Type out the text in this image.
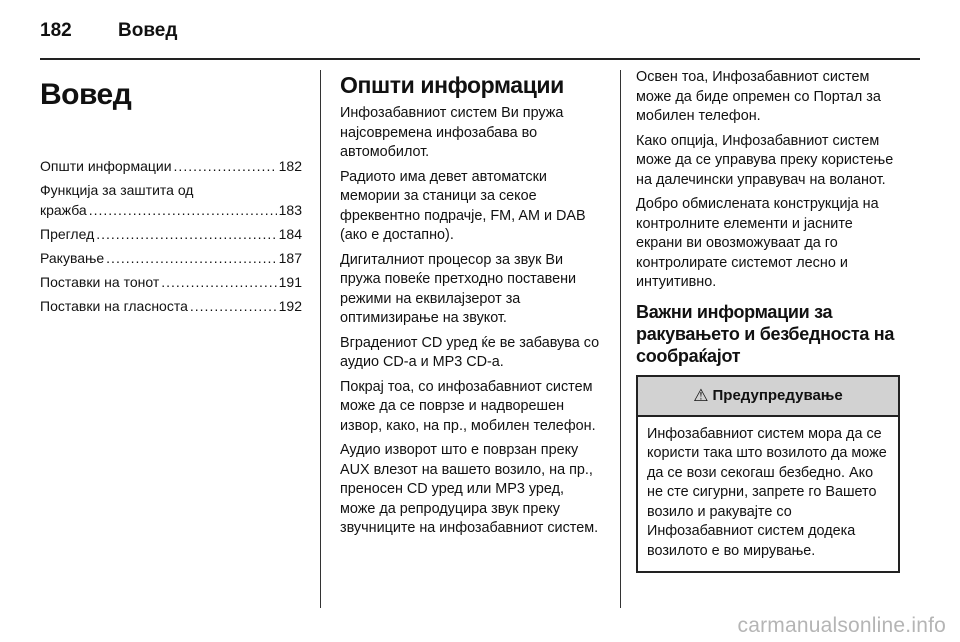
182 Вовед
Вовед
Општи информации .....	182
Функција за заштита од
кражба .....	183
Преглед .....	184
Ракување .....	187
Поставки на тонот .....	191
Поставки на гласноста .....	192
Општи информации

Инфозабавниот систем Ви пружа најсовремена инфозабава во автомобилот.

Радиото има девет автоматски мемории за станици за секое фреквентно подрачје, FM, AM и DAB (ако е достапно).

Дигиталниот процесор за звук Ви пружа повеќе претходно поставени режими на еквилајзерот за оптимизирање на звукот.

Вградениот CD уред ќе ве забавува со аудио CD-а и MP3 CD-а.

Покрај тоа, со инфозабавниот систем може да се поврзе и надворешен извор, како, на пр., мобилен телефон.

Аудио изворот што е поврзан преку AUX влезот на вашето возило, на пр., преносен CD уред или MP3 уред, може да репродуцира звук преку звучниците на инфозабавниот систем.

Освен тоа, Инфозабавниот систем може да биде опремен со Портал за мобилен телефон.

Како опција, Инфозабавниот систем може да се управува преку користење на далечински управувач на воланот.

Добро обмислената конструкција на контролните елементи и јасните екрани ви овозможуваат да го контролирате системот лесно и интуитивно.

Важни информации за ракувањето и безбедноста на сообраќајот
⚠ Предупредување
Инфозабавниот систем мора да се користи така што возилото да може да се вози секогаш безбедно. Ако не сте сигурни, запрете го Вашето возило и ракувајте со Инфозабавниот систем додека возилото е во мирување.
carmanualsonline.info
